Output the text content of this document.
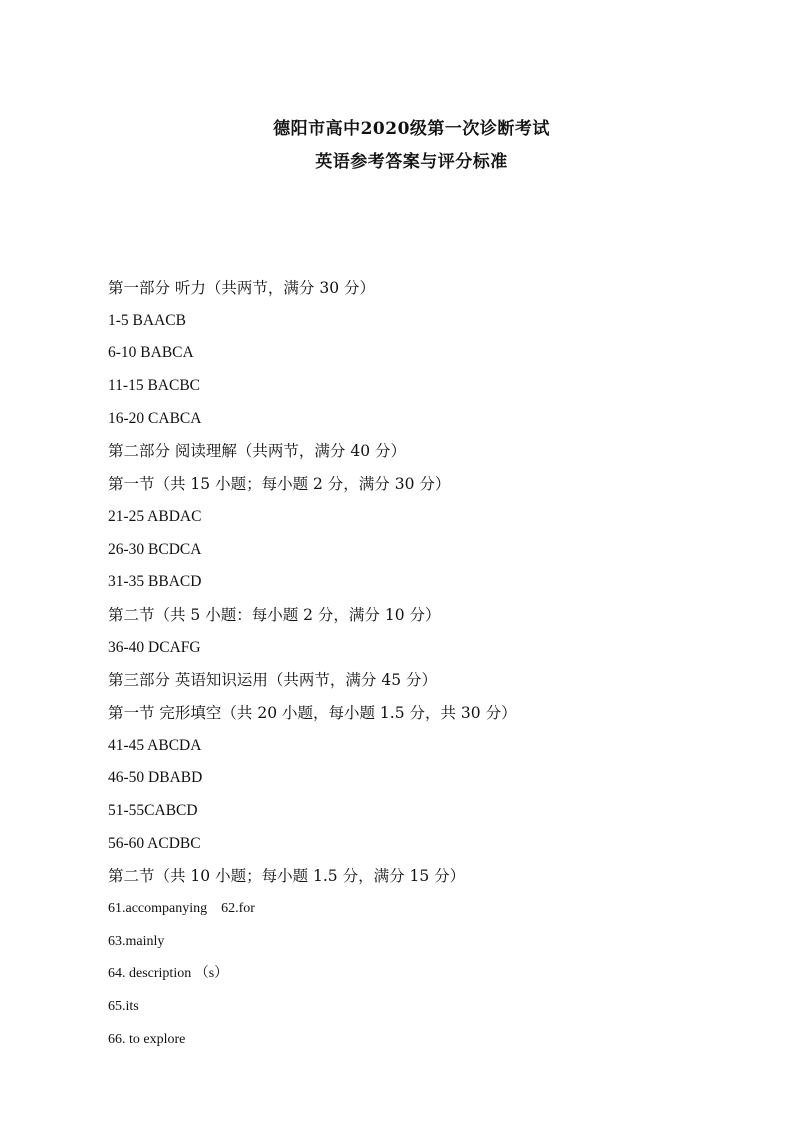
德阳市高中2020级第一次诊断考试
英语参考答案与评分标准
第一部分 听力（共两节，满分 30 分）
1-5 BAACB
6-10 BABCA
11-15 BACBC
16-20 CABCA
第二部分 阅读理解（共两节，满分 40 分）
第一节（共 15 小题；每小题 2 分，满分 30 分）
21-25 ABDAC
26-30 BCDCA
31-35 BBACD
第二节（共 5 小题：每小题 2 分，满分 10 分）
36-40 DCAFG
第三部分 英语知识运用（共两节，满分 45 分）
第一节 完形填空（共 20 小题，每小题 1.5 分，共 30 分）
41-45 ABCDA
46-50 DBABD
51-55CABCD
56-60 ACDBC
第二节（共 10 小题；每小题 1.5 分，满分 15 分）
61.accompanying 62.for
63.mainly
64. description （s）
65.its
66. to explore
